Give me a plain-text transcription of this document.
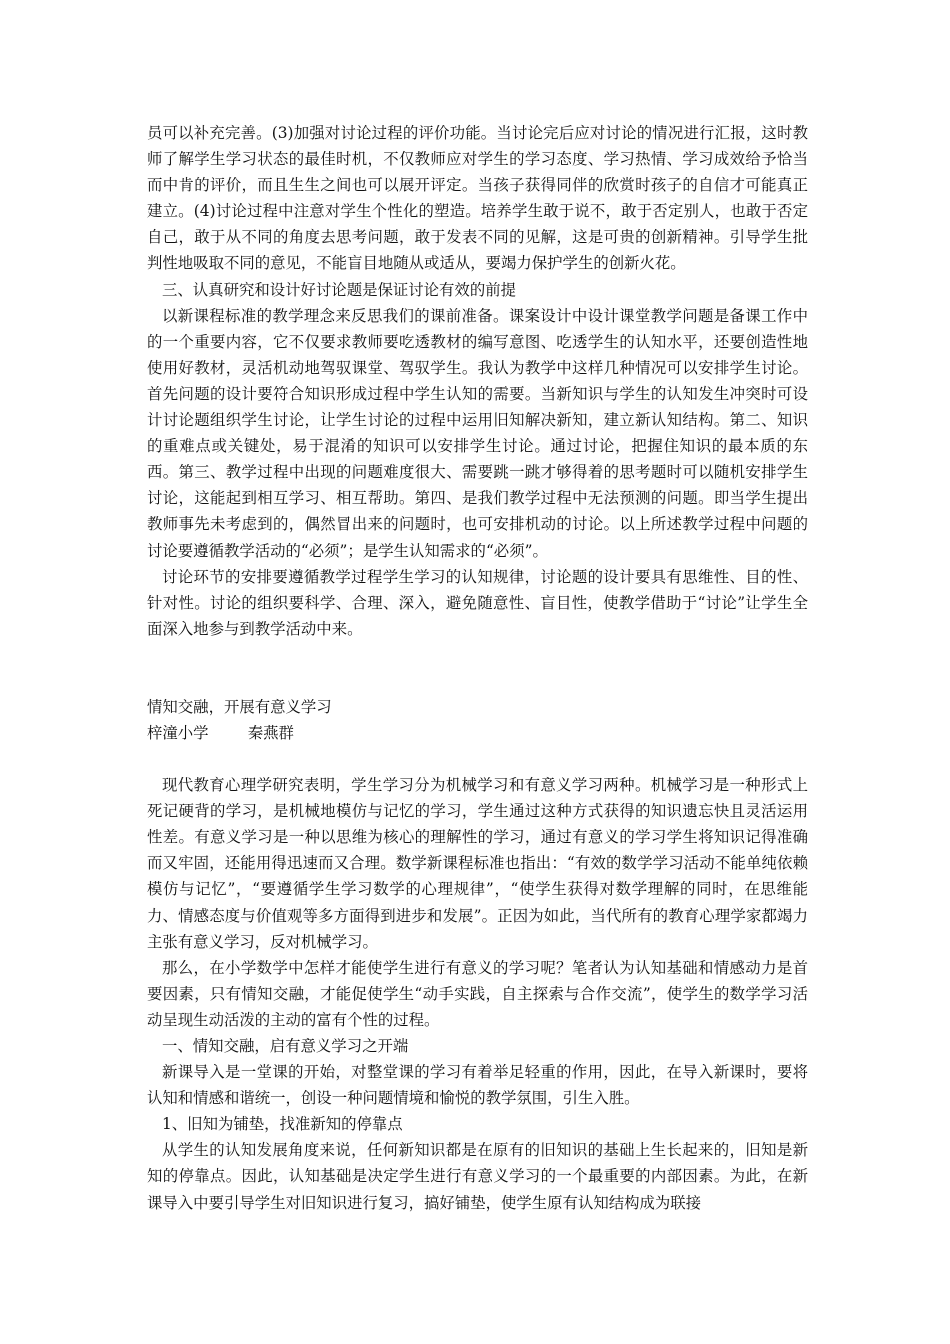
员可以补充完善。(3)加强对讨论过程的评价功能。当讨论完后应对讨论的情况进行汇报，这时教师了解学生学习状态的最佳时机，不仅教师应对学生的学习态度、学习热情、学习成效给予恰当而中肯的评价，而且生生之间也可以展开评定。当孩子获得同伴的欣赏时孩子的自信才可能真正建立。(4)讨论过程中注意对学生个性化的塑造。培养学生敢于说不，敢于否定别人，也敢于否定自己，敢于从不同的角度去思考问题，敢于发表不同的见解，这是可贵的创新精神。引导学生批判性地吸取不同的意见，不能盲目地随从或适从，要竭力保护学生的创新火花。

三、认真研究和设计好讨论题是保证讨论有效的前提

以新课程标准的教学理念来反思我们的课前准备。课案设计中设计课堂教学问题是备课工作中的一个重要内容，它不仅要求教师要吃透教材的编写意图、吃透学生的认知水平，还要创造性地使用好教材，灵活机动地驾驭课堂、驾驭学生。我认为教学中这样几种情况可以安排学生讨论。首先问题的设计要符合知识形成过程中学生认知的需要。当新知识与学生的认知发生冲突时可设计讨论题组织学生讨论，让学生讨论的过程中运用旧知解决新知，建立新认知结构。第二、知识的重难点或关键处，易于混淆的知识可以安排学生讨论。通过讨论，把握住知识的最本质的东西。第三、教学过程中出现的问题难度很大、需要跳一跳才够得着的思考题时可以随机安排学生讨论，这能起到相互学习、相互帮助。第四、是我们教学过程中无法预测的问题。即当学生提出教师事先未考虑到的，偶然冒出来的问题时，也可安排机动的讨论。以上所述教学过程中问题的讨论要遵循教学活动的“必须”；是学生认知需求的“必须”。

讨论环节的安排要遵循教学过程学生学习的认知规律，讨论题的设计要具有思维性、目的性、针对性。讨论的组织要科学、合理、深入，避免随意性、盲目性，使教学借助于“讨论”让学生全面深入地参与到教学活动中来。

情知交融，开展有意义学习

梓潼小学        秦燕群

现代教育心理学研究表明，学生学习分为机械学习和有意义学习两种。机械学习是一种形式上死记硬背的学习，是机械地模仿与记忆的学习，学生通过这种方式获得的知识遗忘快且灵活运用性差。有意义学习是一种以思维为核心的理解性的学习，通过有意义的学习学生将知识记得准确而又牢固，还能用得迅速而又合理。数学新课程标准也指出：“有效的数学学习活动不能单纯依赖模仿与记忆”，“要遵循学生学习数学的心理规律”，“使学生获得对数学理解的同时，在思维能力、情感态度与价值观等多方面得到进步和发展”。正因为如此，当代所有的教育心理学家都竭力主张有意义学习，反对机械学习。

那么，在小学数学中怎样才能使学生进行有意义的学习呢？笔者认为认知基础和情感动力是首要因素，只有情知交融，才能促使学生“动手实践，自主探索与合作交流”，使学生的数学学习活动呈现生动活泼的主动的富有个性的过程。

一、情知交融，启有意义学习之开端

新课导入是一堂课的开始，对整堂课的学习有着举足轻重的作用，因此，在导入新课时，要将认知和情感和谐统一，创设一种问题情境和愉悦的教学氛围，引生入胜。

1、旧知为铺垫，找准新知的停靠点

从学生的认知发展角度来说，任何新知识都是在原有的旧知识的基础上生长起来的，旧知是新知的停靠点。因此，认知基础是决定学生进行有意义学习的一个最重要的内部因素。为此，在新课导入中要引导学生对旧知识进行复习，搞好铺垫，使学生原有认知结构成为联接
